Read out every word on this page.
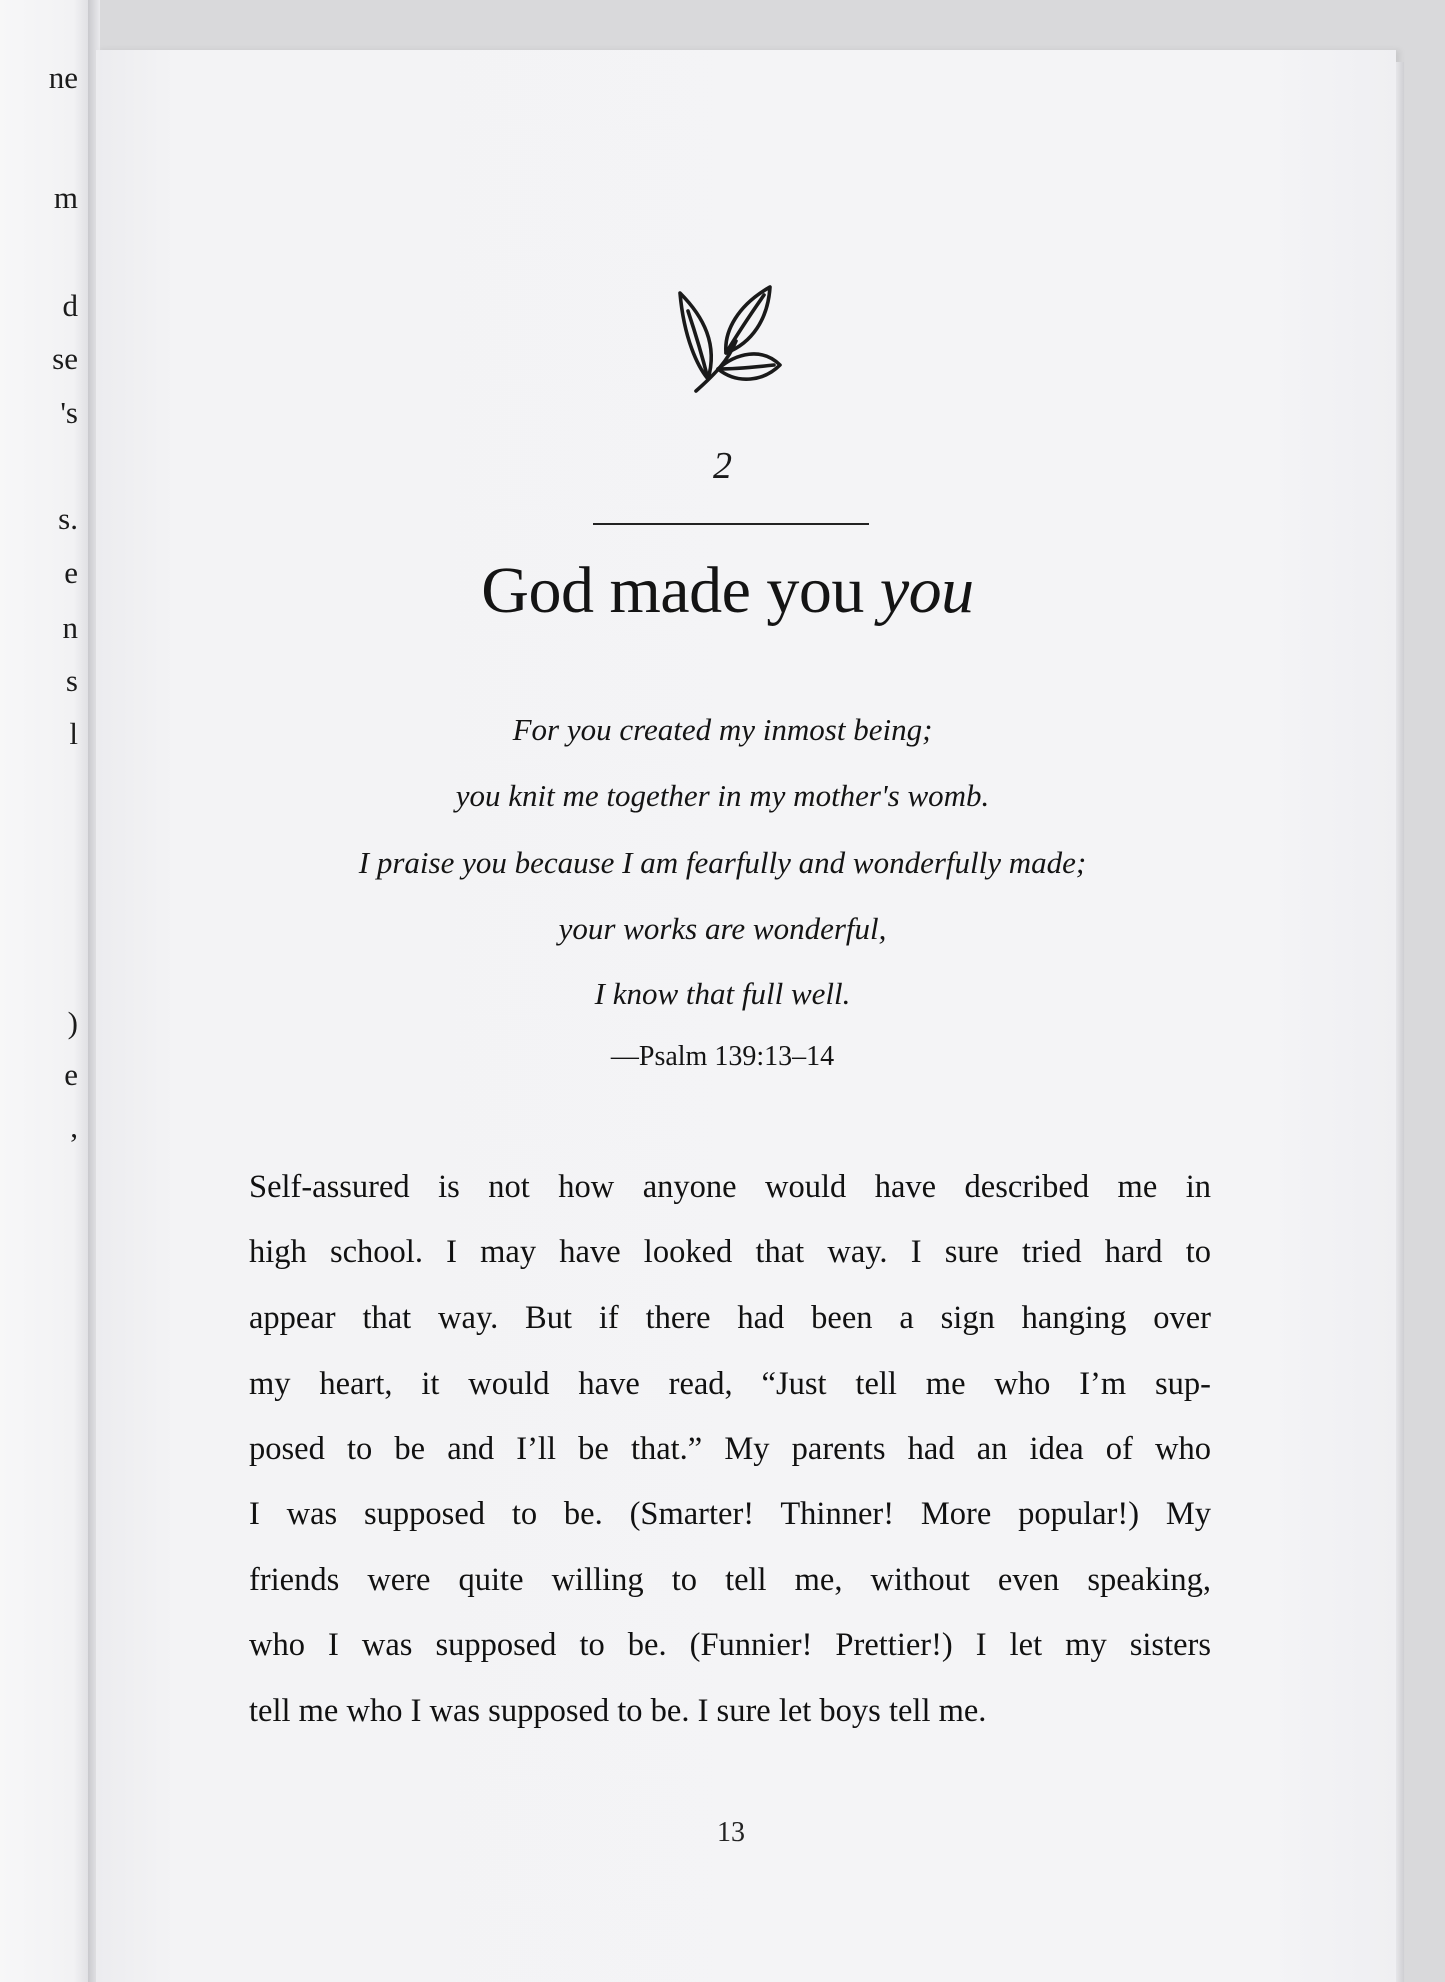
ne
m
d
se
's
s.
e
n
s
l
)
e
,
2
God made you you
For you created my inmost being;
you knit me together in my mother's womb.
I praise you because I am fearfully and wonderfully made;
your works are wonderful,
I know that full well.
—Psalm 139:13–14
Self-assured is not how anyone would have described me in
high school. I may have looked that way. I sure tried hard to
appear that way. But if there had been a sign hanging over
my heart, it would have read, “Just tell me who I’m sup-
posed to be and I’ll be that.” My parents had an idea of who
I was supposed to be. (Smarter! Thinner! More popular!) My
friends were quite willing to tell me, without even speaking,
who I was supposed to be. (Funnier! Prettier!) I let my sisters
tell me who I was supposed to be. I sure let boys tell me.
13
